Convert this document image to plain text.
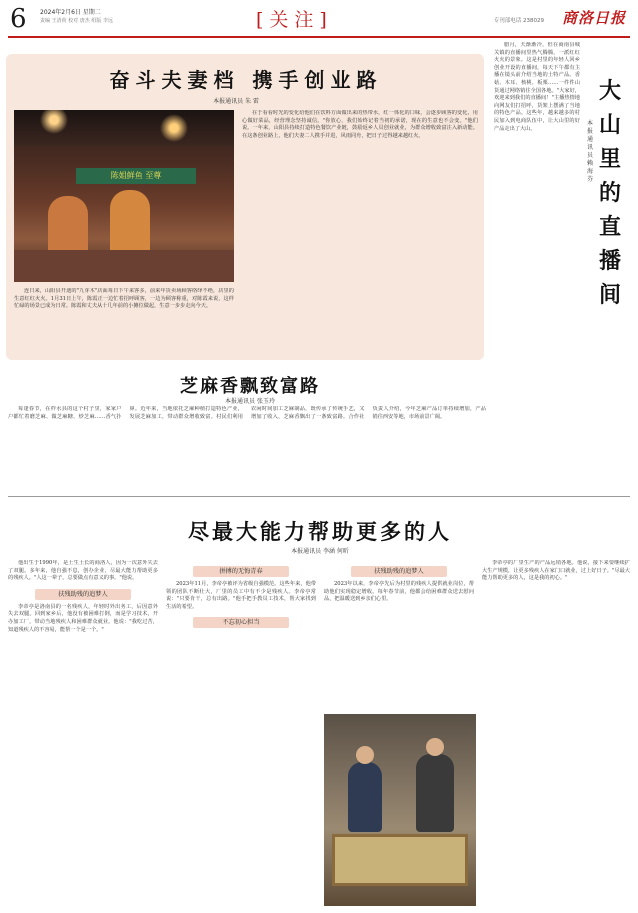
6 2024年2月6日 星期二
责编 王清荷 校对 唐杰 组版 李远	[关注]	专刊部电话 238029 商洛日报
奋斗夫妻档 携手创业路
本报通讯员 朱 雷
陈姐鲜鱼 至尊

连日来，山阳县开迪的"九芽木"店面每日下午来客多，前来年货卖场顾客络绎不绝，店里的生意红红火火。1月31日上午，陈霞正一边忙着招呼顾客，一边为顾客称重，对陈霞来说，这样忙碌的场景已成为日常。陈霞和丈夫从十几年前的小摊位做起，生意一步步走向今天。

在于看看时光的变化给他们在饮料方面做出来的热带水，红一体化的口味，会逐步顾客的变化，用心做好菜品，经营理念坚持诚信。"你放心，我们始终记着当初的承诺，现在的生意也不会变。"他们说。一年来，山阳县持续打造特色餐饮产业链，鼓励返乡人员创业就业，为群众增收致富注入新动能。在这条创业路上，他们夫妻二人携手并进，风雨同舟，把日子过得越来越红火。

腊月，天渐渐冷，但在商南县城关镇的直播间里热气腾腾，一派红红火火的景象。这是村里的年轻人回乡创业开设的直播间，每天下午都有主播在镜头前介绍当地的土特产品。香菇、木耳、核桃、板栗……一件件山货通过网络销往全国各地。"大家好，欢迎来到我们的直播间！"主播热情地向网友们打招呼，货架上摆满了当地的特色产品。这些年，越来越多的村民加入到电商队伍中，让大山里的好产品走出了大山。

大
山
里
的
直
播
间
本报通讯员 赖海芬
芝麻香飘致富路
本报通讯员 张玉玲

每逢春节，在柞水县的这个村子里，家家户户都忙着磨芝麻、做芝麻糖、炒芝麻……香气扑鼻。近年来，当地依托芝麻种植打造特色产业，发展芝麻加工，带动群众增收致富。村民们利用农闲时间加工芝麻制品，既传承了传统手艺，又增加了收入，芝麻香飘出了一条致富路。合作社负责人介绍，今年芝麻产品订单持续增加，产品销往西安等地，市场前景广阔。

尽最大能力帮助更多的人
本报通讯员 李涵 何昕

他出生于1990年，是土生土长的商洛人，因为一次意外失去了双腿。多年来，他自强不息，创办企业，尽最大能力帮助更多的残疾人。"人这一辈子，总要做点有意义的事。"他说。

扶残助残的追梦人

李帝亭是洛南县的一名残疾人，年轻时外出务工，后因意外失去双腿。回到家乡后，他没有被困难打倒，而是学习技术，开办加工厂，带动当地残疾人和困难群众就业。他说："我吃过苦，知道残疾人的不容易，能帮一个是一个。"

拼搏的无悔青春

2023年11月，李帝亭被评为省级自强模范。这些年来，他带领的团队不断壮大，厂里的员工中有不少是残疾人。李帝亭常说："只要肯干，总有出路。"他手把手教员工技术，帮大家找到生活的希望。

不忘初心担当
扶残助残的追梦人

2023年以来，李帝亭先后为村里的残疾人提供就业岗位，帮助他们实现稳定增收。每年春节前，他都会给困难群众送去慰问品，把温暖送到乡亲们心里。

李帝亭的厂里生产的产品远销各地。他说，接下来要继续扩大生产规模，让更多残疾人在家门口就业，过上好日子。"尽最大能力帮助更多的人，这是我的初心。"
